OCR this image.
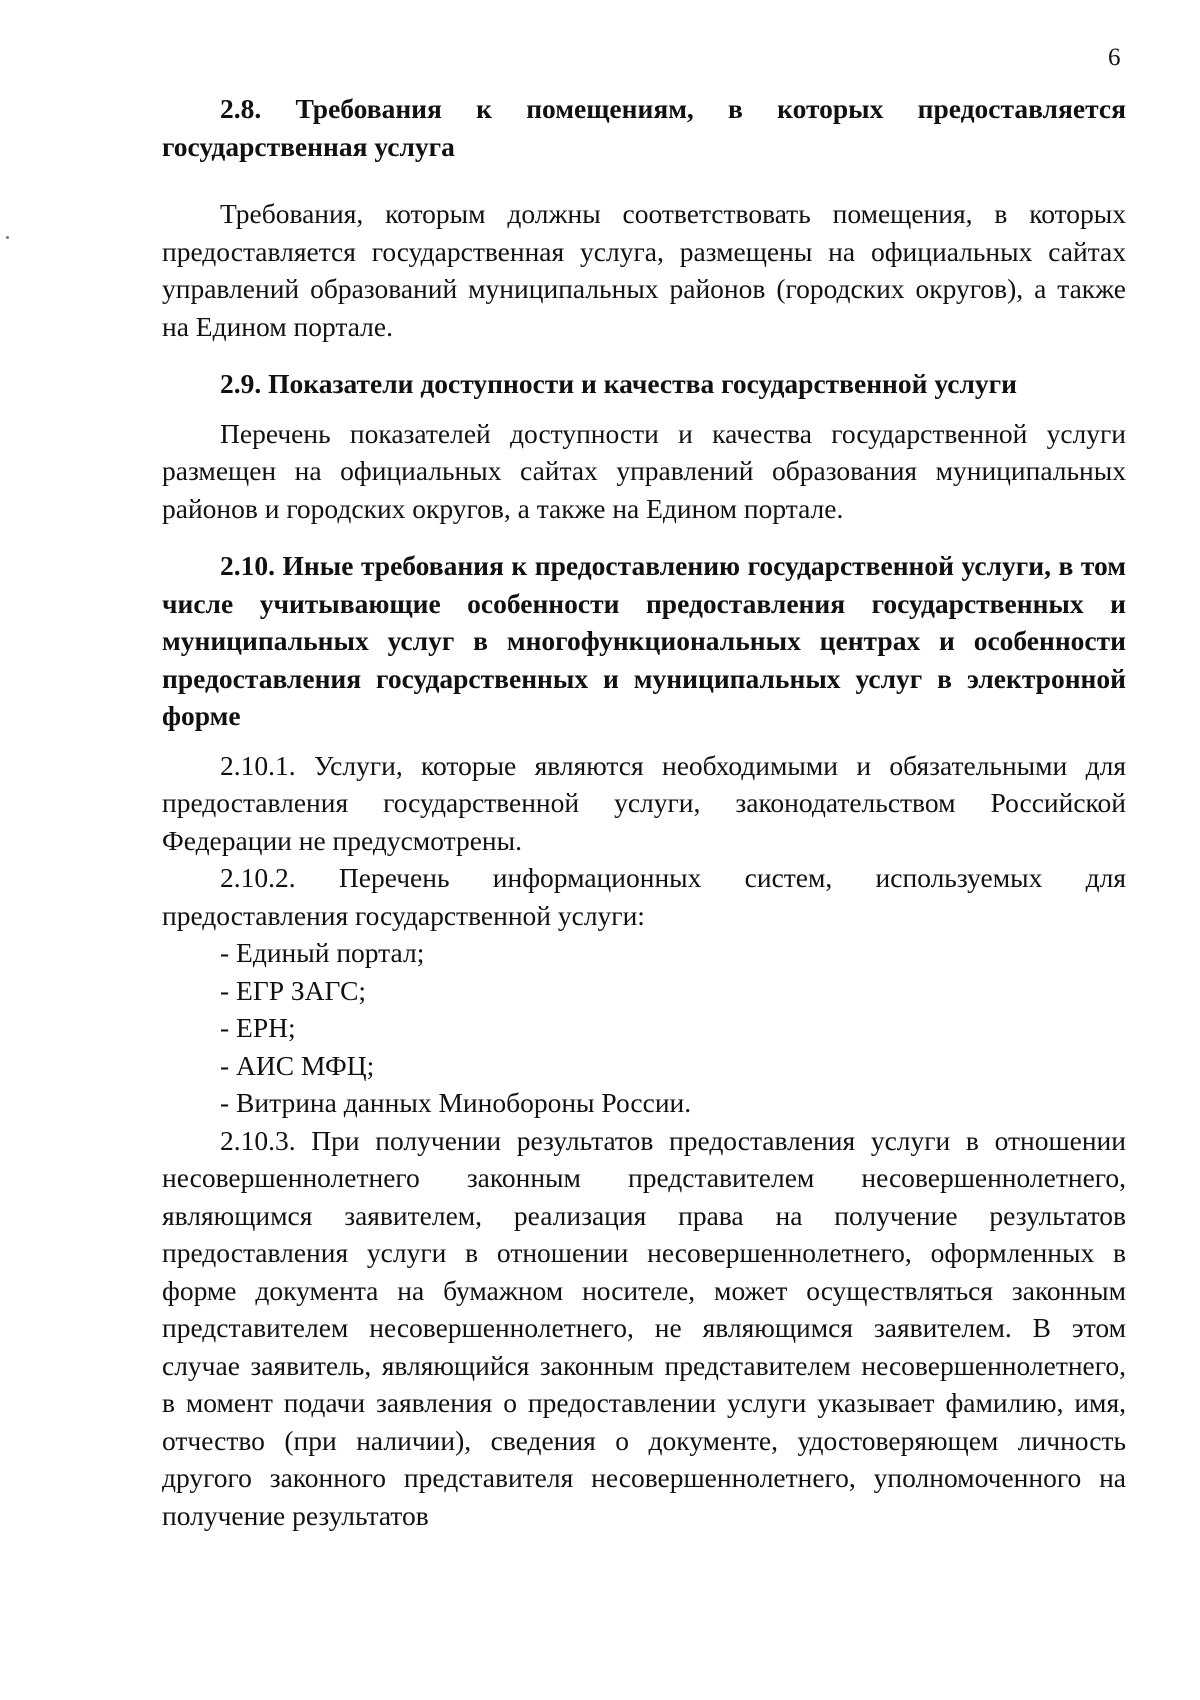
6

2.8. Требования к помещениям, в которых предоставляется государственная услуга

Требования, которым должны соответствовать помещения, в которых предоставляется государственная услуга, размещены на официальных сайтах управлений образований муниципальных районов (городских округов), а также на Едином портале.

2.9. Показатели доступности и качества государственной услуги

Перечень показателей доступности и качества государственной услуги размещен на официальных сайтах управлений образования муниципальных районов и городских округов, а также на Едином портале.

2.10. Иные требования к предоставлению государственной услуги, в том числе учитывающие особенности предоставления государственных и муниципальных услуг в многофункциональных центрах и особенности предоставления государственных и муниципальных услуг в электронной форме

2.10.1. Услуги, которые являются необходимыми и обязательными для предоставления государственной услуги, законодательством Российской Федерации не предусмотрены.

2.10.2. Перечень информационных систем, используемых для предоставления государственной услуги:

- Единый портал;

- ЕГР ЗАГС;

- ЕРН;

- АИС МФЦ;

- Витрина данных Минобороны России.

2.10.3. При получении результатов предоставления услуги в отношении несовершеннолетнего законным представителем несовершеннолетнего, являющимся заявителем, реализация права на получение результатов предоставления услуги в отношении несовершеннолетнего, оформленных в форме документа на бумажном носителе, может осуществляться законным представителем несовершеннолетнего, не являющимся заявителем. В этом случае заявитель, являющийся законным представителем несовершеннолетнего, в момент подачи заявления о предоставлении услуги указывает фамилию, имя, отчество (при наличии), сведения о документе, удостоверяющем личность другого законного представителя несовершеннолетнего, уполномоченного на получение результатов
